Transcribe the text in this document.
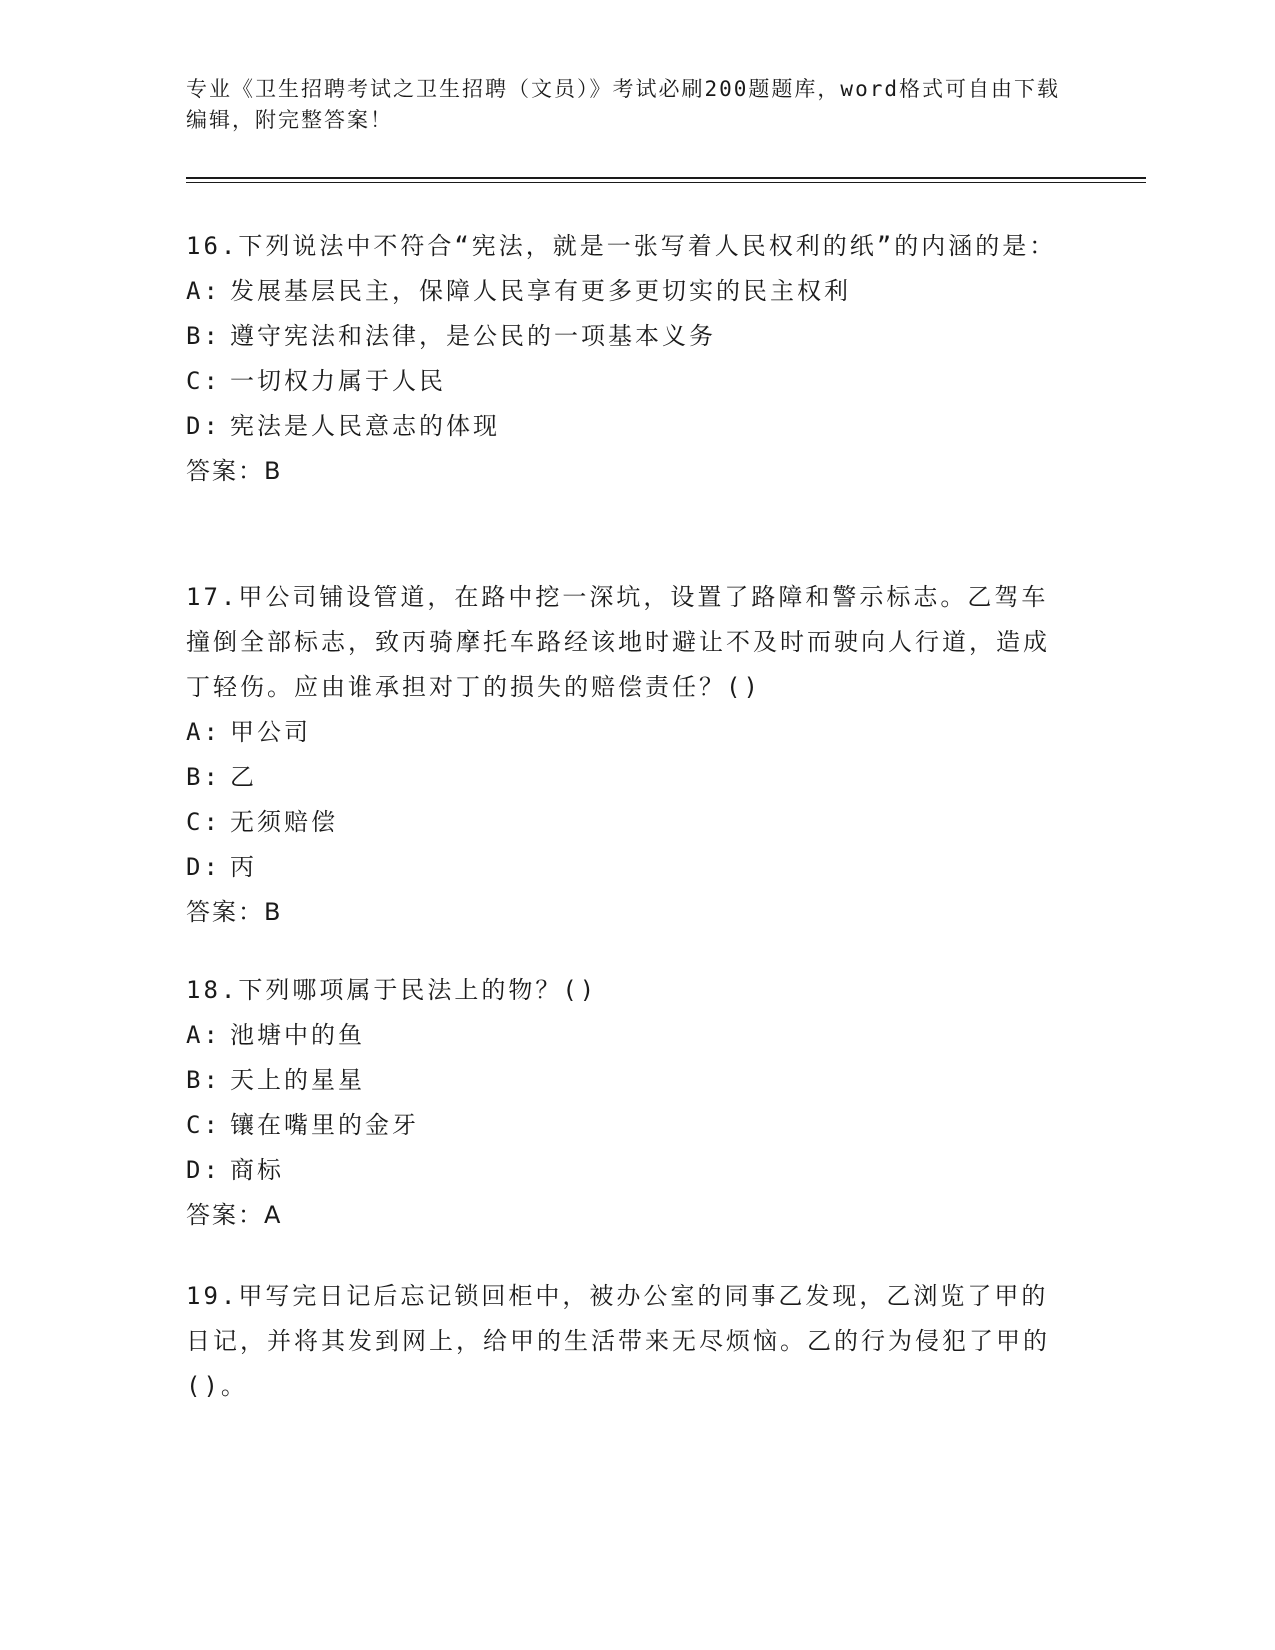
专业《卫生招聘考试之卫生招聘（文员）》考试必刷200题题库，word格式可自由下载编辑，附完整答案！

16.下列说法中不符合“宪法，就是一张写着人民权利的纸”的内涵的是：

A: 发展基层民主，保障人民享有更多更切实的民主权利

B: 遵守宪法和法律，是公民的一项基本义务

C: 一切权力属于人民

D: 宪法是人民意志的体现

答案：B

17.甲公司铺设管道，在路中挖一深坑，设置了路障和警示标志。乙驾车撞倒全部标志，致丙骑摩托车路经该地时避让不及时而驶向人行道，造成丁轻伤。应由谁承担对丁的损失的赔偿责任？()

A: 甲公司

B: 乙

C: 无须赔偿

D: 丙

答案：B

18.下列哪项属于民法上的物？()

A: 池塘中的鱼

B: 天上的星星

C: 镶在嘴里的金牙

D: 商标

答案：A

19.甲写完日记后忘记锁回柜中，被办公室的同事乙发现，乙浏览了甲的日记，并将其发到网上，给甲的生活带来无尽烦恼。乙的行为侵犯了甲的()。
